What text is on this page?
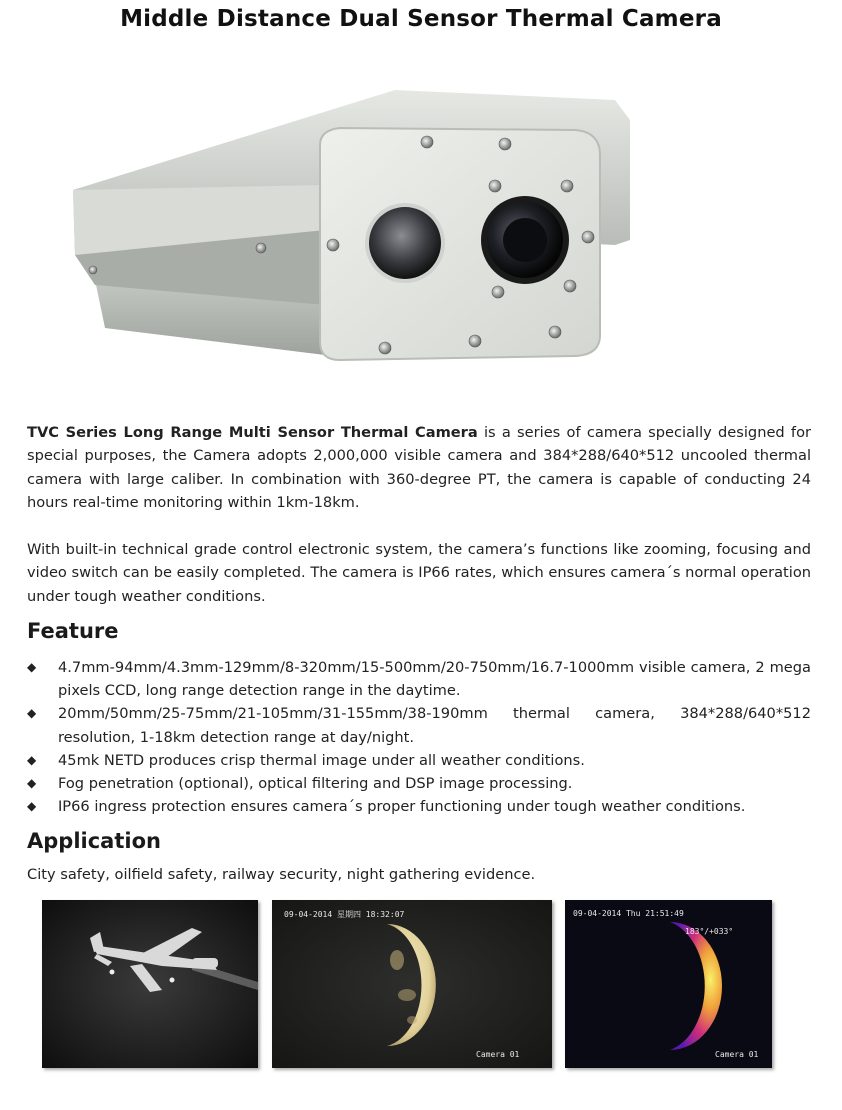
Middle Distance Dual Sensor Thermal Camera
TVC Series Long Range Multi Sensor Thermal Camera is a series of camera specially designed for special purposes, the Camera adopts 2,000,000 visible camera and 384*288/640*512 uncooled thermal camera with large caliber. In combination with 360-degree PT, the camera is capable of conducting 24 hours real-time monitoring within 1km-18km.
With built-in technical grade control electronic system, the camera’s functions like zooming, focusing and video switch can be easily completed. The camera is IP66 rates, which ensures camera´s normal operation under tough weather conditions.
Feature
◆ 4.7mm-94mm/4.3mm-129mm/8-320mm/15-500mm/20-750mm/16.7-1000mm visible camera, 2 mega pixels CCD, long range detection range in the daytime.
◆ 20mm/50mm/25-75mm/21-105mm/31-155mm/38-190mm thermal camera, 384*288/640*512 resolution, 1-18km detection range at day/night.
◆ 45mk NETD produces crisp thermal image under all weather conditions.
◆ Fog penetration (optional), optical filtering and DSP image processing.
◆ IP66 ingress protection ensures camera´s proper functioning under tough weather conditions.
Application
City safety, oilfield safety, railway security, night gathering evidence.
09-04-2014 星期四 18:32:07
Camera 01
09-04-2014 Thu 21:51:49
183°/+033°
Camera 01
